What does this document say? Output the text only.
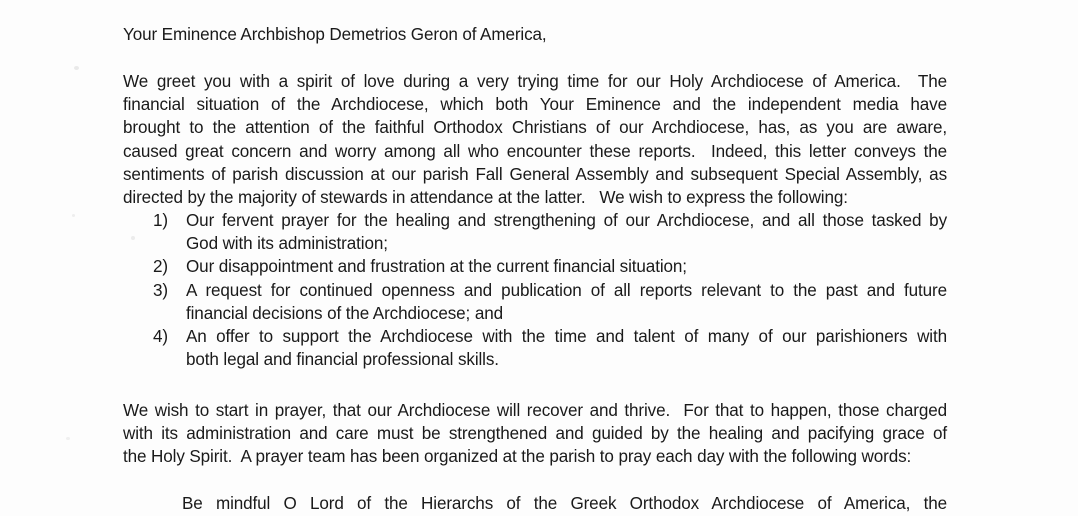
Your Eminence Archbishop Demetrios Geron of America,
We greet you with a spirit of love during a very trying time for our Holy Archdiocese of America.  The
financial situation of the Archdiocese, which both Your Eminence and the independent media have
brought to the attention of the faithful Orthodox Christians of our Archdiocese, has, as you are aware,
caused great concern and worry among all who encounter these reports.  Indeed, this letter conveys the
sentiments of parish discussion at our parish Fall General Assembly and subsequent Special Assembly, as
directed by the majority of stewards in attendance at the latter.   We wish to express the following:
1)	Our fervent prayer for the healing and strengthening of our Archdiocese, and all those tasked by
God with its administration;
2)	Our disappointment and frustration at the current financial situation;
3)	A request for continued openness and publication of all reports relevant to the past and future
financial decisions of the Archdiocese; and
4)	An offer to support the Archdiocese with the time and talent of many of our parishioners with
both legal and financial professional skills.
We wish to start in prayer, that our Archdiocese will recover and thrive.  For that to happen, those charged
with its administration and care must be strengthened and guided by the healing and pacifying grace of
the Holy Spirit.  A prayer team has been organized at the parish to pray each day with the following words:
Be mindful O Lord of the Hierarchs of the Greek Orthodox Archdiocese of America, the
